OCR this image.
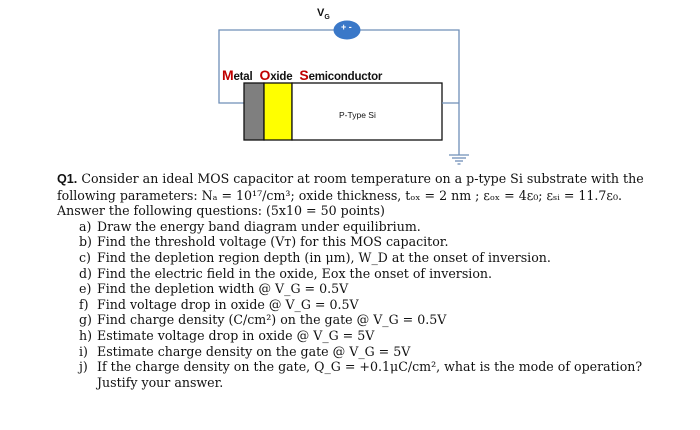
$V_G$
+ -
Metal Oxide Semiconductor
P-Type Si

Q1. Consider an ideal MOS capacitor at room temperature on a p-type Si substrate with the following parameters: Nₐ = 10¹⁷/cm³; oxide thickness, tₒₓ = 2 nm ; εₒₓ = 4ε₀; εₛᵢ = 11.7ε₀. Answer the following questions: (5x10 = 50 points)

a) Draw the energy band diagram under equilibrium.
b) Find the threshold voltage (Vт) for this MOS capacitor.
c) Find the depletion region depth (in μm), W_D at the onset of inversion.
d) Find the electric field in the oxide, Eox the onset of inversion.
e) Find the depletion width @ V_G = 0.5V
f) Find voltage drop in oxide @ V_G = 0.5V
g) Find charge density (C/cm²) on the gate @ V_G = 0.5V
h) Estimate voltage drop in oxide @ V_G = 5V
i) Estimate charge density on the gate @ V_G = 5V
j) If the charge density on the gate, Q_G = +0.1μC/cm², what is the mode of operation? Justify your answer.
